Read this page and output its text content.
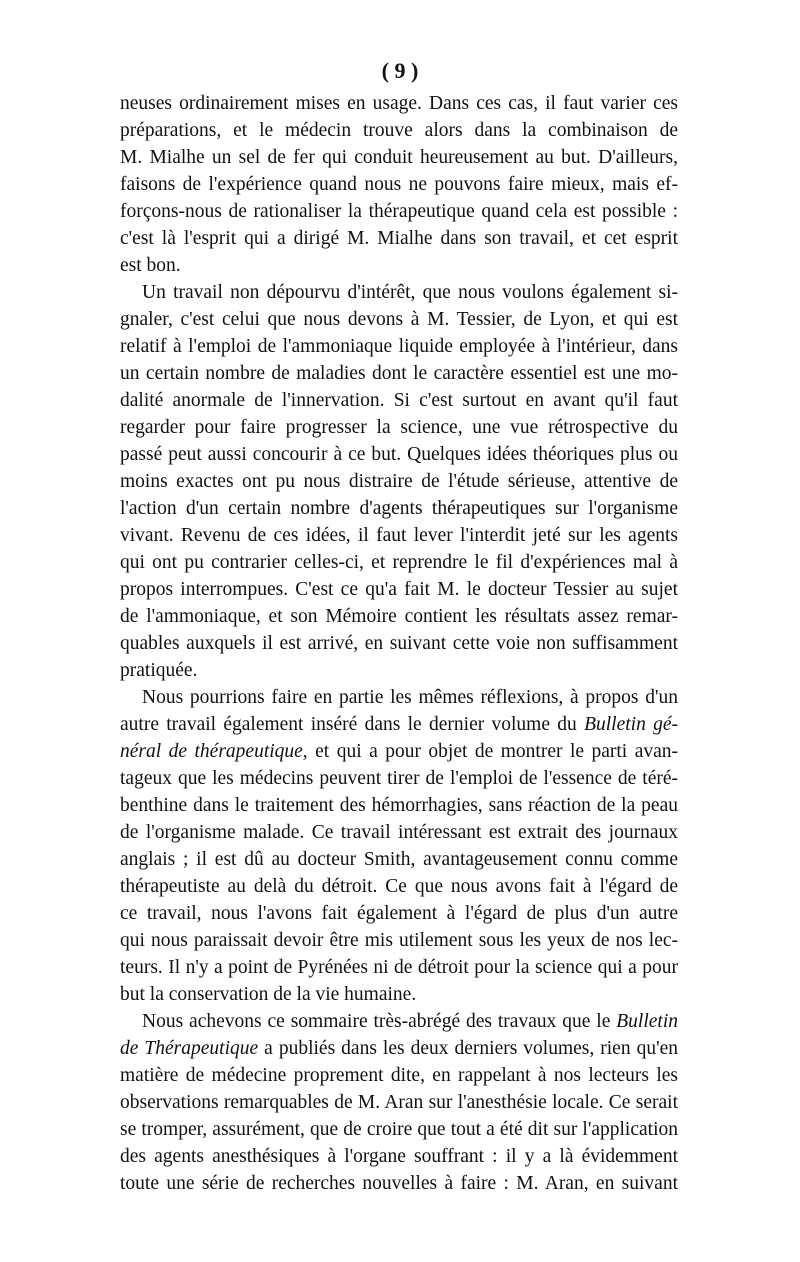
( 9 )
neuses ordinairement mises en usage. Dans ces cas, il faut varier ces
préparations, et le médecin trouve alors dans la combinaison de
M. Mialhe un sel de fer qui conduit heureusement au but. D'ailleurs,
faisons de l'expérience quand nous ne pouvons faire mieux, mais ef-
forçons-nous de rationaliser la thérapeutique quand cela est possible :
c'est là l'esprit qui a dirigé M. Mialhe dans son travail, et cet esprit
est bon.
Un travail non dépourvu d'intérêt, que nous voulons également si-
gnaler, c'est celui que nous devons à M. Tessier, de Lyon, et qui est
relatif à l'emploi de l'ammoniaque liquide employée à l'intérieur, dans
un certain nombre de maladies dont le caractère essentiel est une mo-
dalité anormale de l'innervation. Si c'est surtout en avant qu'il faut
regarder pour faire progresser la science, une vue rétrospective du
passé peut aussi concourir à ce but. Quelques idées théoriques plus ou
moins exactes ont pu nous distraire de l'étude sérieuse, attentive de
l'action d'un certain nombre d'agents thérapeutiques sur l'organisme
vivant. Revenu de ces idées, il faut lever l'interdit jeté sur les agents
qui ont pu contrarier celles-ci, et reprendre le fil d'expériences mal à
propos interrompues. C'est ce qu'a fait M. le docteur Tessier au sujet
de l'ammoniaque, et son Mémoire contient les résultats assez remar-
quables auxquels il est arrivé, en suivant cette voie non suffisamment
pratiquée.
Nous pourrions faire en partie les mêmes réflexions, à propos d'un
autre travail également inséré dans le dernier volume du Bulletin gé-
néral de thérapeutique, et qui a pour objet de montrer le parti avan-
tageux que les médecins peuvent tirer de l'emploi de l'essence de téré-
benthine dans le traitement des hémorrhagies, sans réaction de la peau
de l'organisme malade. Ce travail intéressant est extrait des journaux
anglais ; il est dû au docteur Smith, avantageusement connu comme
thérapeutiste au delà du détroit. Ce que nous avons fait à l'égard de
ce travail, nous l'avons fait également à l'égard de plus d'un autre
qui nous paraissait devoir être mis utilement sous les yeux de nos lec-
teurs. Il n'y a point de Pyrénées ni de détroit pour la science qui a pour
but la conservation de la vie humaine.
Nous achevons ce sommaire très-abrégé des travaux que le Bulletin
de Thérapeutique a publiés dans les deux derniers volumes, rien qu'en
matière de médecine proprement dite, en rappelant à nos lecteurs les
observations remarquables de M. Aran sur l'anesthésie locale. Ce serait
se tromper, assurément, que de croire que tout a été dit sur l'application
des agents anesthésiques à l'organe souffrant : il y a là évidemment
toute une série de recherches nouvelles à faire : M. Aran, en suivant
